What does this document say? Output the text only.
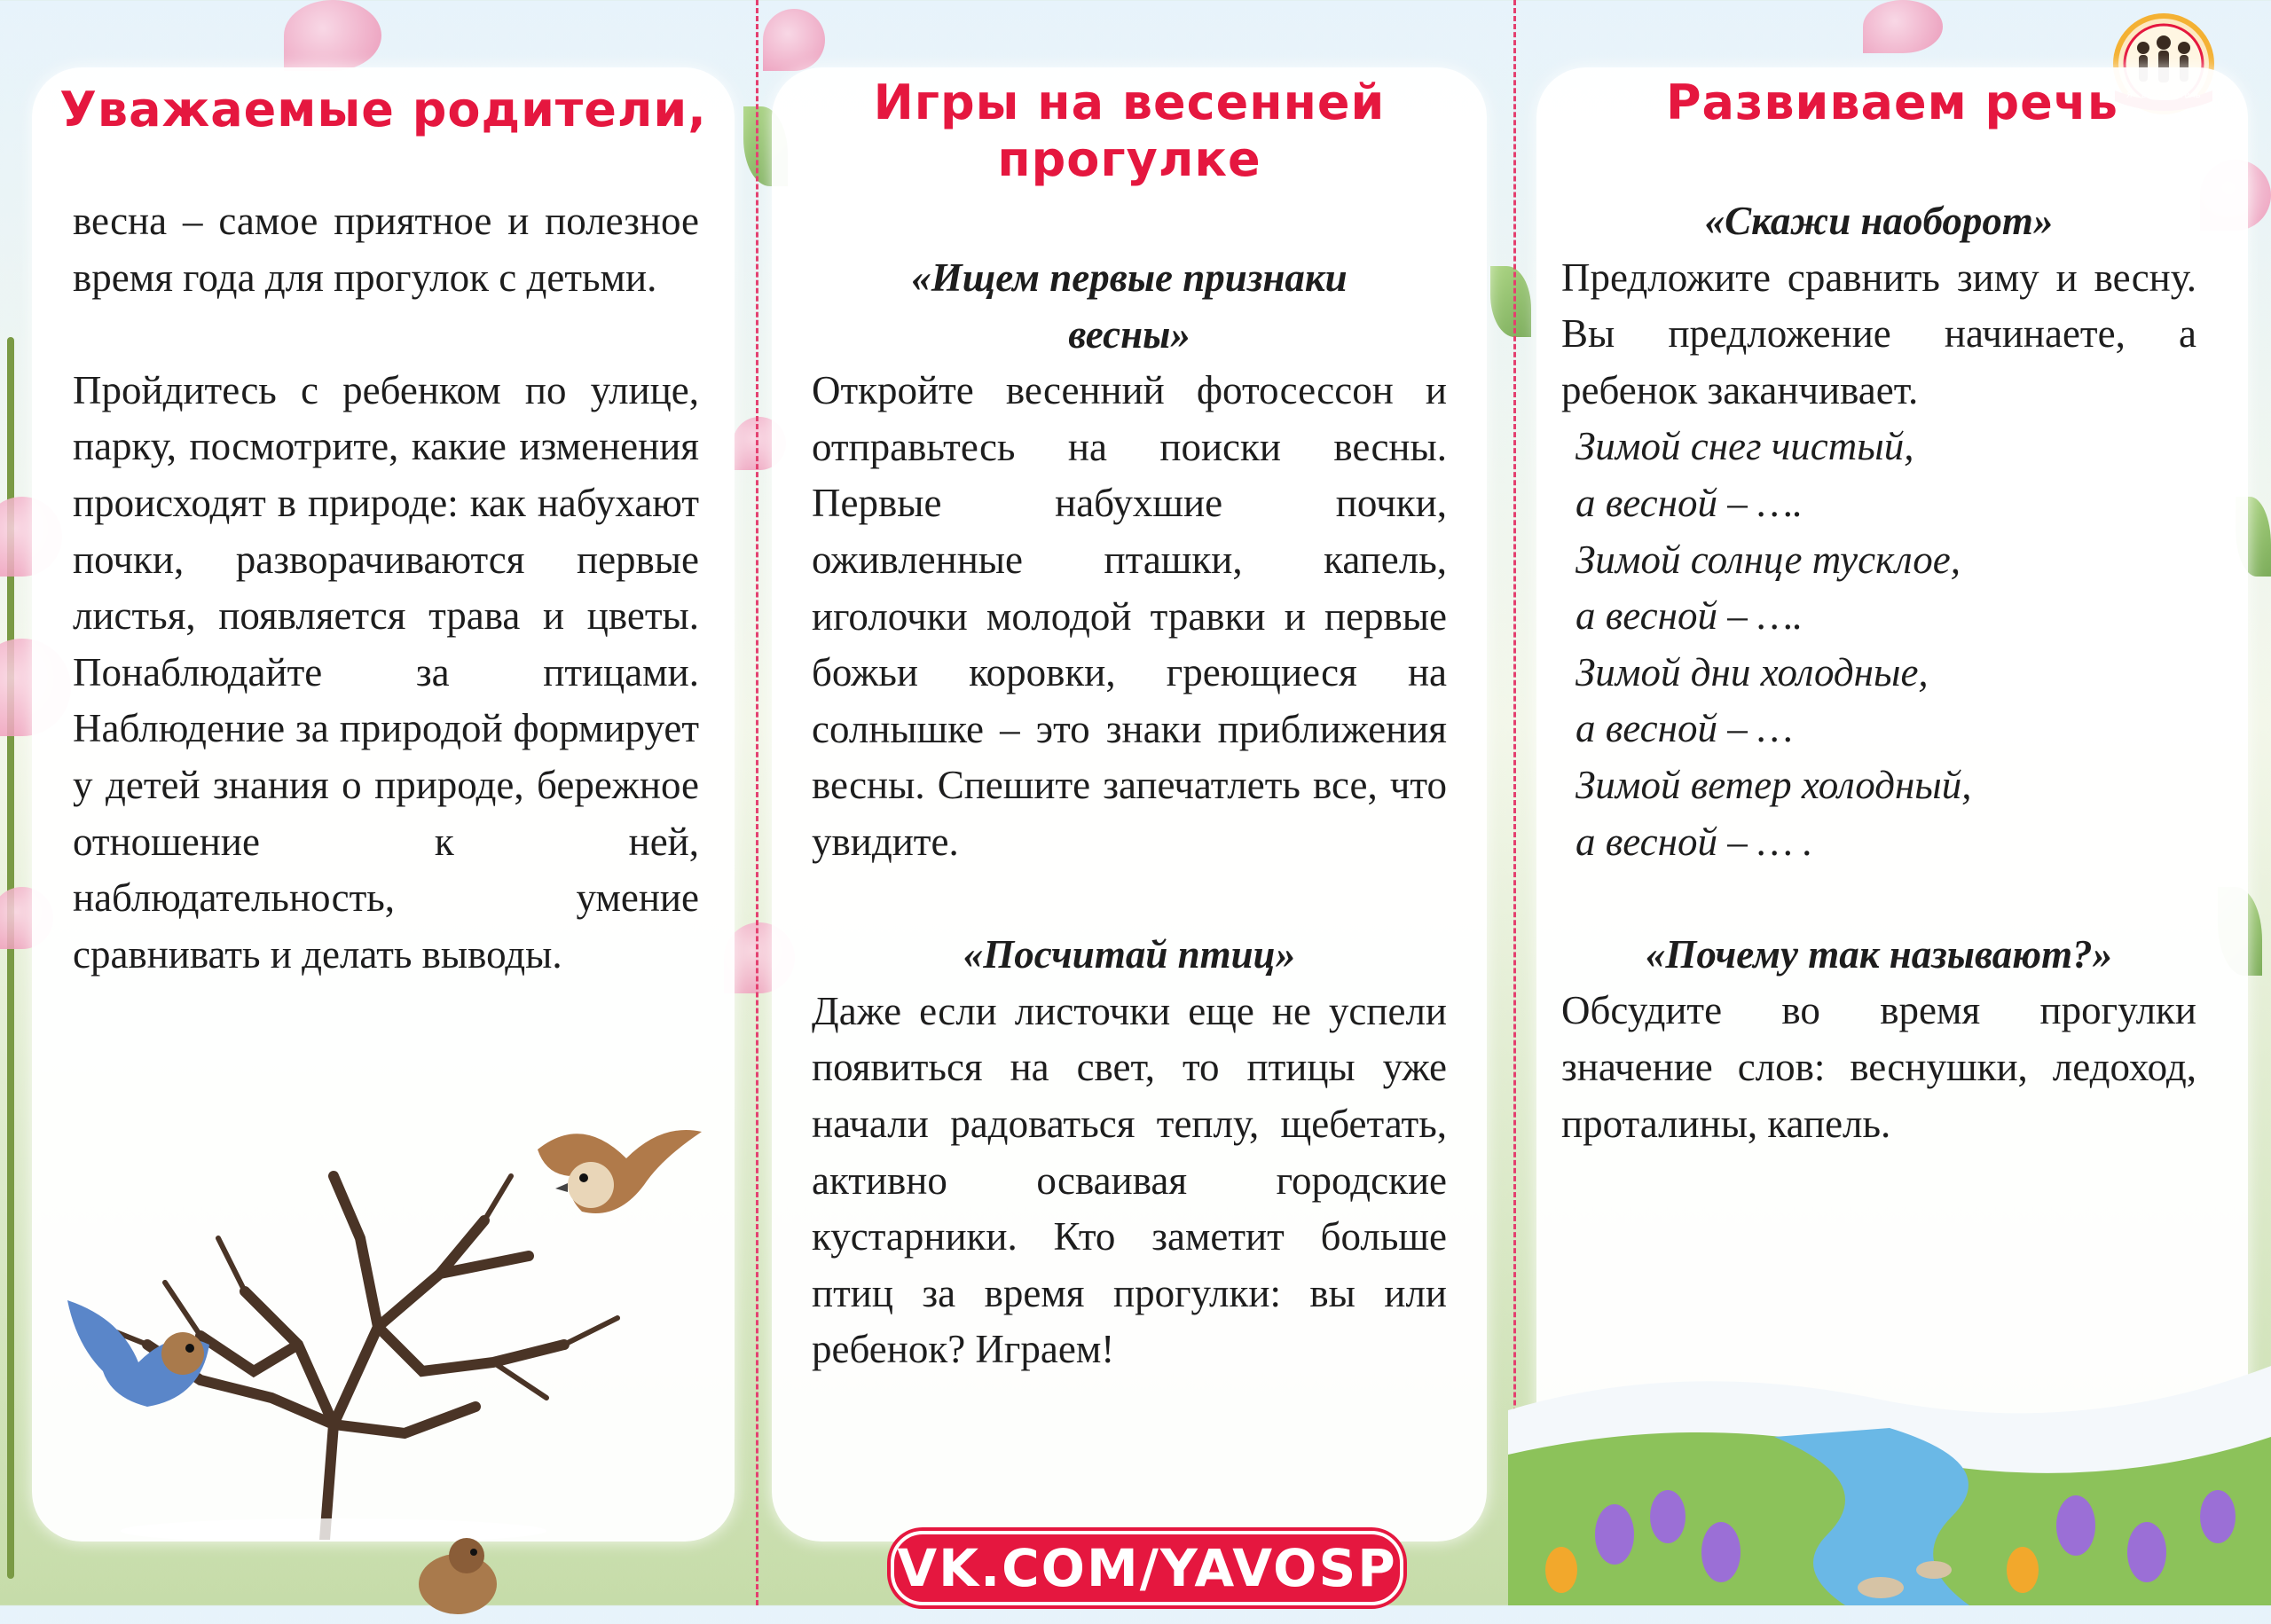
Уважаемые родители,

весна – самое приятное и полезное время года для прогулок с детьми.

Пройдитесь с ребенком по улице, парку, посмотрите, какие изменения происходят в природе: как набухают почки, разворачиваются первые листья, появляется трава и цветы. Понаблюдайте за птицами. Наблюдение за природой формирует у детей знания о природе, бережное отношение к ней, наблюдательность, умение сравнивать и делать выводы.

Игры на весенней прогулке

«Ищем первые признаки весны»

Откройте весенний фотосессон и отправьтесь на поиски весны. Первые набухшие почки, оживленные пташки, капель, иголочки молодой травки и первые божьи коровки, греющиеся на солнышке – это знаки приближения весны. Спешите запечатлеть все, что увидите.

«Посчитай птиц»

Даже если листочки еще не успели появиться на свет, то птицы уже начали радоваться теплу, щебетать, активно осваивая городские кустарники. Кто заметит больше птиц за время прогулки: вы или ребенок? Играем!

Развиваем речь

«Скажи наоборот»

Предложите сравнить зиму и весну. Вы предложение начинаете, а ребенок заканчивает.

Зимой снег чистый,

а весной – ….

Зимой солнце тусклое,

а весной – ….

Зимой дни холодные,

а весной – …

Зимой ветер холодный,

а весной – … .

«Почему так называют?»

Обсудите во время прогулки значение слов: веснушки, ледоход, проталины, капель.

VK.COM/YAVOSP
